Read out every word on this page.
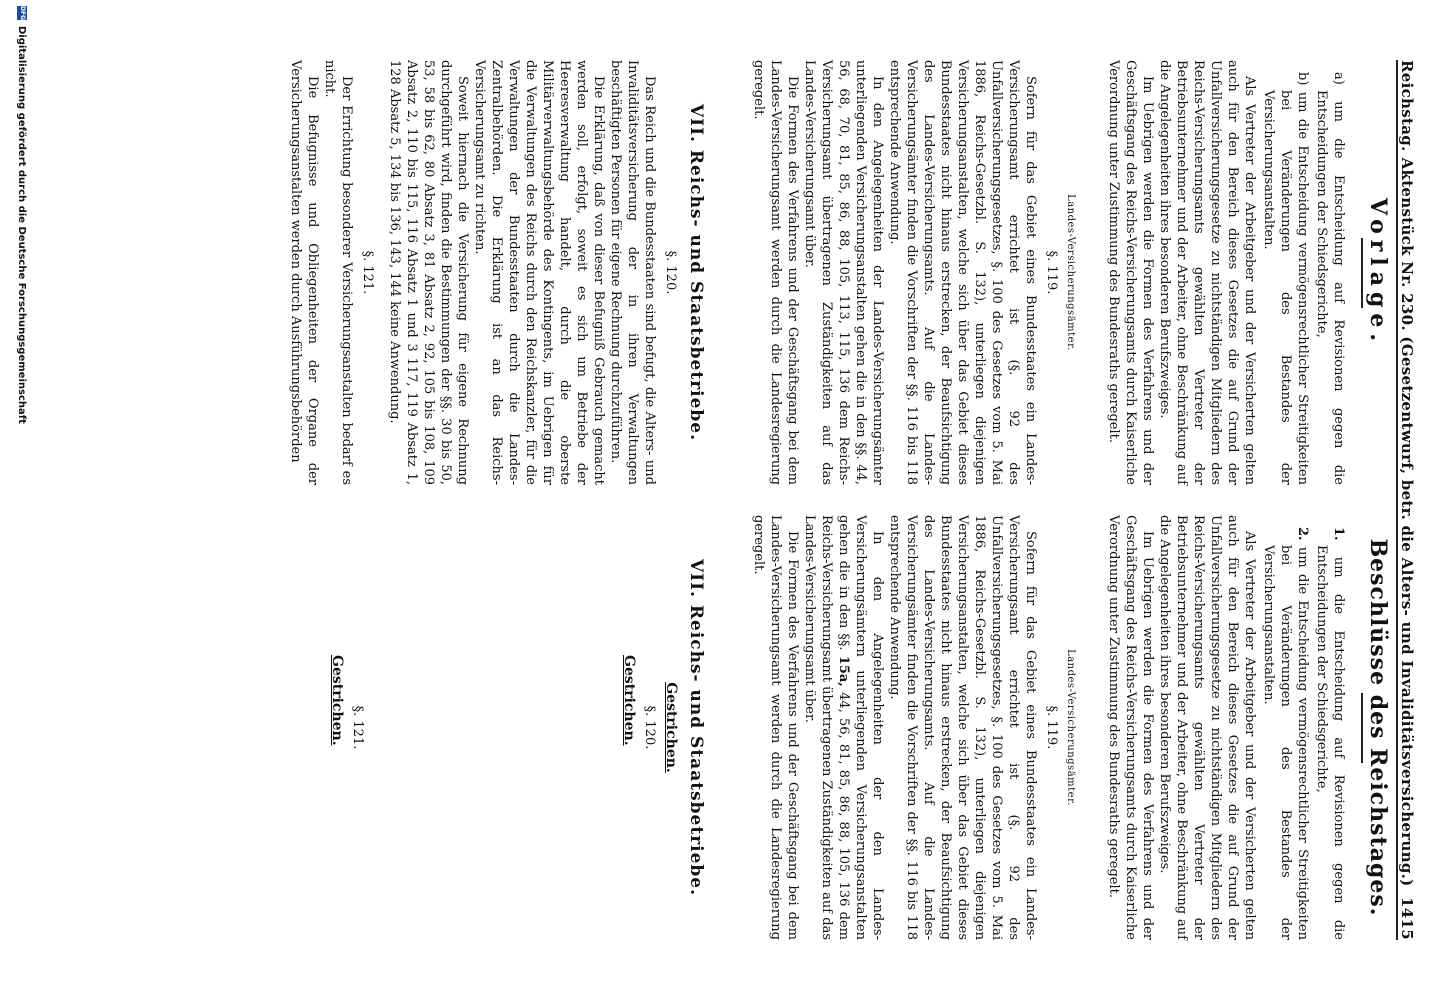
Reichstag.
Aktenstück Nr. 230. (Gesetzentwurf, betr. die Alters- und Invaliditätsversicherung.)
1415
Vorlage.
a) um die Entscheidung auf Revisionen gegen die Entscheidungen der Schiedsgerichte,
b) um die Entscheidung vermögensrechtlicher Streitigkeiten bei Veränderungen des Bestandes der Versicherungsanstalten.

Als Vertreter der Arbeitgeber und der Versicherten gelten auch für den Bereich dieses Gesetzes die auf Grund der Unfallversicherungsgesetze zu nichtständigen Mitgliedern des Reichs-Versicherungsamts gewählten Vertreter der Betriebsunternehmer und der Arbeiter, ohne Beschränkung auf die Angelegenheiten ihres besonderen Berufszweiges.

Im Uebrigen werden die Formen des Verfahrens und der Geschäftsgang des Reichs-Versicherungsamts durch Kaiserliche Verordnung unter Zustimmung des Bundesraths geregelt.

Landes-Versicherungsämter.
§. 119.

Sofern für das Gebiet eines Bundesstaates ein Landes-Versicherungsamt errichtet ist (§. 92 des Unfallversicherungsgesetzes, §. 100 des Gesetzes vom 5. Mai 1886, Reichs-Gesetzbl. S. 132), unterliegen diejenigen Versicherungsanstalten, welche sich über das Gebiet dieses Bundesstaates nicht hinaus erstrecken, der Beaufsichtigung des Landes-Versicherungsamts. Auf die Landes-Versicherungsämter finden die Vorschriften der §§. 116 bis 118 entsprechende Anwendung.

In den Angelegenheiten der Landes-Versicherungsämter unterliegenden Versicherungsanstalten gehen die in den §§. 44, 56, 68, 70, 81, 85, 86, 88, 105, 113, 115, 136 dem Reichs-Versicherungsamt übertragenen Zuständigkeiten auf das Landes-Versicherungsamt über.

Die Formen des Verfahrens und der Geschäftsgang bei dem Landes-Versicherungsamt werden durch die Landesregierung geregelt.

VII. Reichs- und Staatsbetriebe.
§. 120.

Das Reich und die Bundesstaaten sind befugt, die Alters- und Invaliditätsversicherung der in ihren Verwaltungen beschäftigten Personen für eigene Rechnung durchzuführen.

Die Erklärung, daß von dieser Befugniß Gebrauch gemacht werden soll, erfolgt, soweit es sich um Betriebe der Heeresverwaltung handelt, durch die oberste Militärverwaltungsbehörde des Kontingents, im Uebrigen für die Verwaltungen des Reichs durch den Reichskanzler, für die Verwaltungen der Bundesstaaten durch die Landes-Zentralbehörden. Die Erklärung ist an das Reichs-Versicherungsamt zu richten.

Soweit hiernach die Versicherung für eigene Rechnung durchgeführt wird, finden die Bestimmungen der §§. 30 bis 50, 53, 58 bis 62, 80 Absatz 3, 81 Absatz 2, 92, 105 bis 108, 109 Absatz 2, 110 bis 115, 116 Absatz 1 und 3 117, 119 Absatz 1, 128 Absatz 5, 134 bis 136, 143, 144 keine Anwendung.

§. 121.

Der Errichtung besonderer Versicherungsanstalten bedarf es nicht.

Die Befugnisse und Obliegenheiten der Organe der Versicherungsanstalten werden durch Ausführungsbehörden

Beschlüsse des Reichstages.
1. um die Entscheidung auf Revisionen gegen die Entscheidungen der Schiedsgerichte,
2. um die Entscheidung vermögensrechtlicher Streitigkeiten bei Veränderungen des Bestandes der Versicherungsanstalten.

Als Vertreter der Arbeitgeber und der Versicherten gelten auch für den Bereich dieses Gesetzes die auf Grund der Unfallversicherungsgesetze zu nichtständigen Mitgliedern des Reichs-Versicherungsamts gewählten Vertreter der Betriebsunternehmer und der Arbeiter, ohne Beschränkung auf die Angelegenheiten ihres besonderen Berufszweiges.

Im Uebrigen werden die Formen des Verfahrens und der Geschäftsgang des Reichs-Versicherungsamts durch Kaiserliche Verordnung unter Zustimmung des Bundesraths geregelt.

Landes-Versicherungsämter.
§. 119.

Sofern für das Gebiet eines Bundesstaates ein Landes-Versicherungsamt errichtet ist (§. 92 des Unfallversicherungsgesetzes, §. 100 des Gesetzes vom 5. Mai 1886, Reichs-Gesetzbl. S. 132), unterliegen diejenigen Versicherungsanstalten, welche sich über das Gebiet dieses Bundesstaates nicht hinaus erstrecken, der Beaufsichtigung des Landes-Versicherungsamts. Auf die Landes-Versicherungsämter finden die Vorschriften der §§. 116 bis 118 entsprechende Anwendung.

In den Angelegenheiten der den Landes-Versicherungsämtern unterliegenden Versicherungsanstalten gehen die in den §§. 15a, 44, 56, 81, 85, 86, 88, 105, 136 dem Reichs-Versicherungsamt übertragenen Zuständigkeiten auf das Landes-Versicherungsamt über.

Die Formen des Verfahrens und der Geschäftsgang bei dem Landes-Versicherungsamt werden durch die Landesregierung geregelt.

VII. Reichs- und Staatsbetriebe.
Gestrichen.
§. 120.
Gestrichen.
§. 121.
Gestrichen.
DFG
Digitalisierung gefördert durch die Deutsche Forschungsgemeinschaft
